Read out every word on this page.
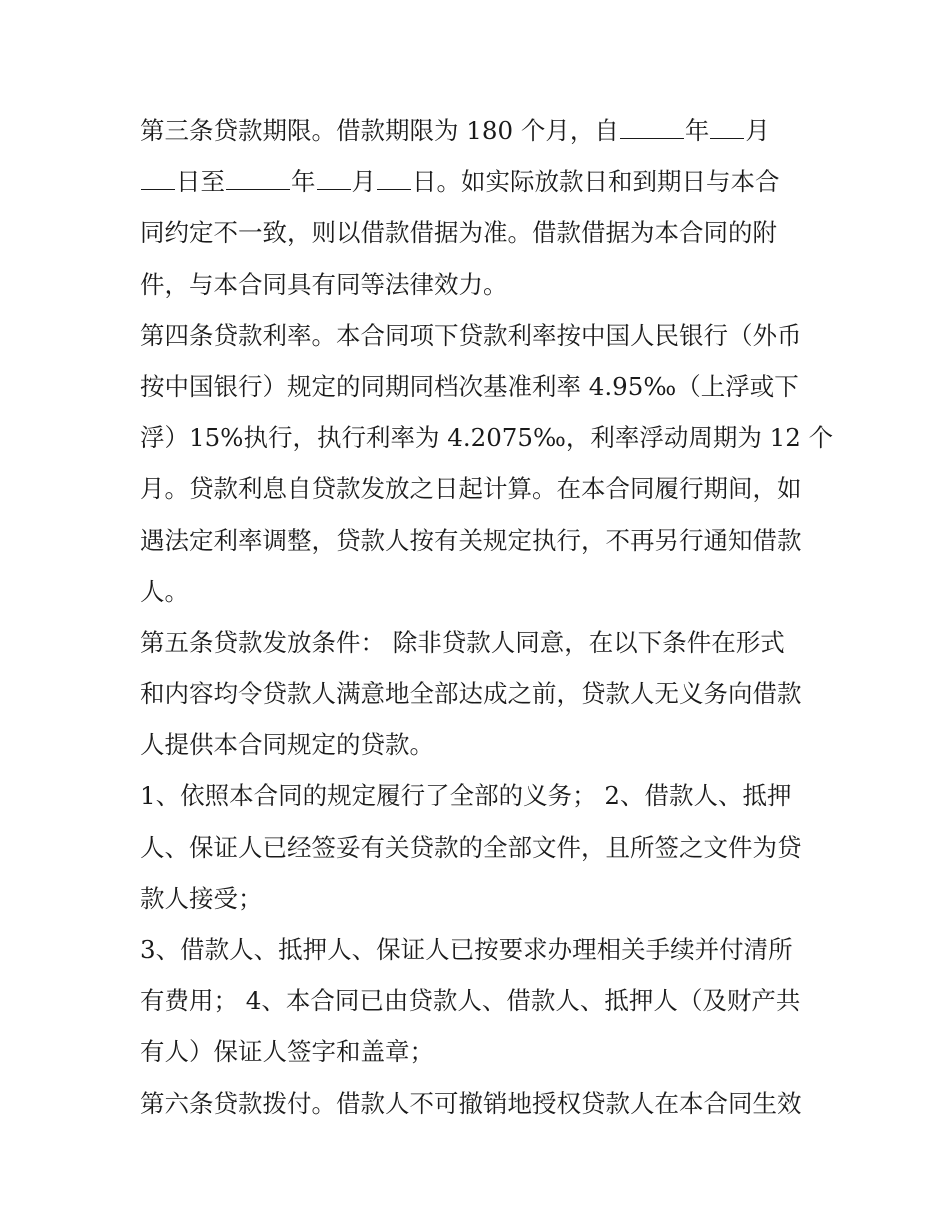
第三条贷款期限。借款期限为 180 个月，自	年 月
日至	年 月 日。如实际放款日和到期日与本合
同约定不一致，则以借款借据为准。借款借据为本合同的附
件，与本合同具有同等法律效力。
第四条贷款利率。本合同项下贷款利率按中国人民银行（外币
按中国银行）规定的同期同档次基准利率 4.95‰（上浮或下
浮）15%执行，执行利率为 4.2075‰，利率浮动周期为 12 个
月。贷款利息自贷款发放之日起计算。在本合同履行期间，如
遇法定利率调整，贷款人按有关规定执行，不再另行通知借款
人。
第五条贷款发放条件： 除非贷款人同意，在以下条件在形式
和内容均令贷款人满意地全部达成之前，贷款人无义务向借款
人提供本合同规定的贷款。
1、依照本合同的规定履行了全部的义务； 2、借款人、抵押
人、保证人已经签妥有关贷款的全部文件，且所签之文件为贷
款人接受；
3、借款人、抵押人、保证人已按要求办理相关手续并付清所
有费用； 4、本合同已由贷款人、借款人、抵押人（及财产共
有人）保证人签字和盖章；
第六条贷款拨付。借款人不可撤销地授权贷款人在本合同生效
